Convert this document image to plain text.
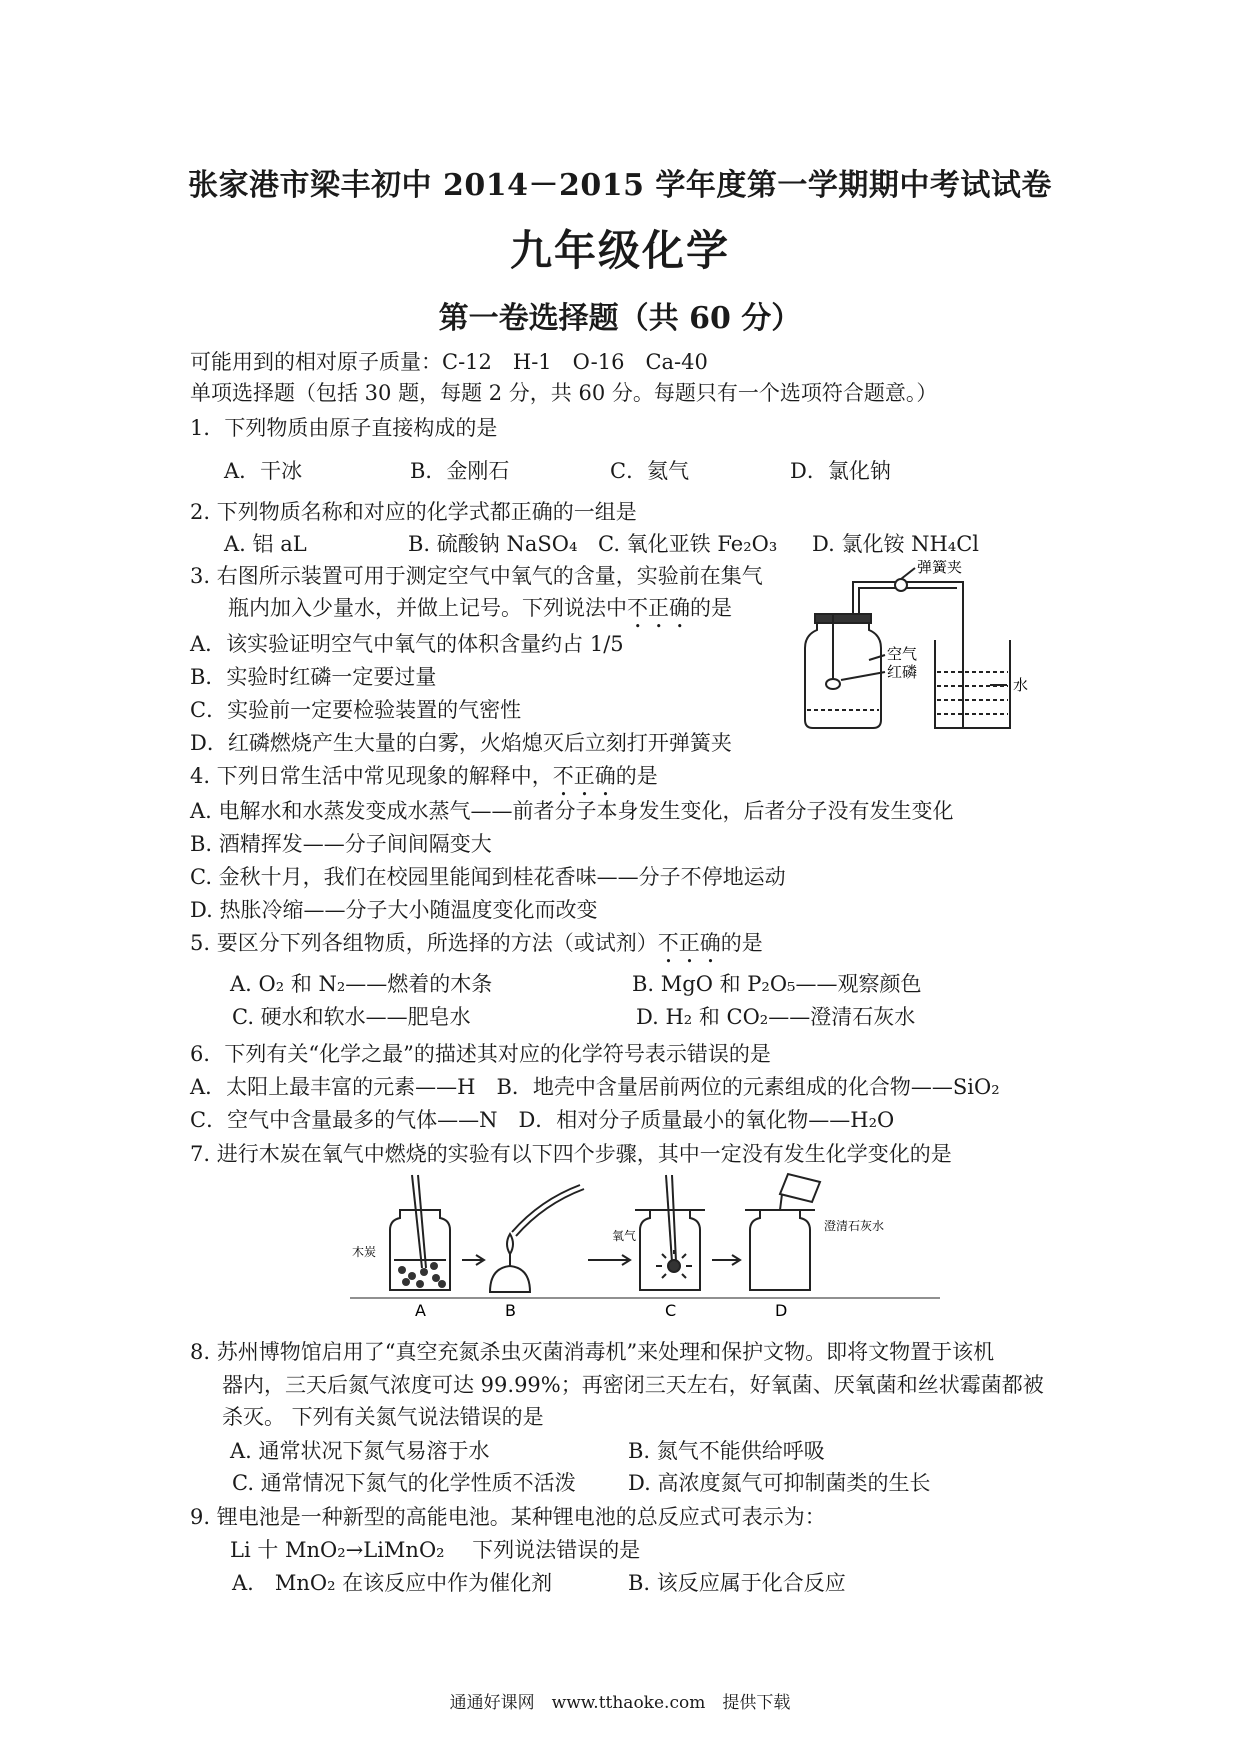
张家港市梁丰初中 2014－2015 学年度第一学期期中考试试卷
九年级化学
第一卷选择题（共 60 分）
可能用到的相对原子质量：C-12　H-1　O-16　Ca-40
单项选择题（包括 30 题，每题 2 分，共 60 分。每题只有一个选项符合题意。）
1．下列物质由原子直接构成的是
A．干冰	B．金刚石	C．氦气	D．氯化钠
2. 下列物质名称和对应的化学式都正确的一组是
A. 铝 aL	B. 硫酸钠 NaSO₄ C. 氧化亚铁 Fe₂O₃ D. 氯化铵 NH₄Cl
3. 右图所示装置可用于测定空气中氧气的含量，实验前在集气
瓶内加入少量水，并做上记号。下列说法中不正确的是
A．该实验证明空气中氧气的体积含量约占 1/5
B．实验时红磷一定要过量
C．实验前一定要检验装置的气密性
D．红磷燃烧产生大量的白雾，火焰熄灭后立刻打开弹簧夹
弹簧夹
空气
红磷
水
4. 下列日常生活中常见现象的解释中，不正确的是
A. 电解水和水蒸发变成水蒸气——前者分子本身发生变化，后者分子没有发生变化
B. 酒精挥发——分子间间隔变大
C. 金秋十月，我们在校园里能闻到桂花香味——分子不停地运动
D. 热胀冷缩——分子大小随温度变化而改变
5. 要区分下列各组物质，所选择的方法（或试剂）不正确的是
A. O₂ 和 N₂——燃着的木条	B. MgO 和 P₂O₅——观察颜色
C. 硬水和软水——肥皂水	D. H₂ 和 CO₂——澄清石灰水
6．下列有关“化学之最”的描述其对应的化学符号表示错误的是
A．太阳上最丰富的元素——H　B．地壳中含量居前两位的元素组成的化合物——SiO₂
C．空气中含量最多的气体——N　D．相对分子质量最小的氧化物——H₂O
7. 进行木炭在氧气中燃烧的实验有以下四个步骤，其中一定没有发生化学变化的是
木炭
氧气
澄清石灰水
A	B	C	D
8. 苏州博物馆启用了“真空充氮杀虫灭菌消毒机”来处理和保护文物。即将文物置于该机
器内，三天后氮气浓度可达 99.99%；再密闭三天左右，好氧菌、厌氧菌和丝状霉菌都被
杀灭。 下列有关氮气说法错误的是
A. 通常状况下氮气易溶于水	B. 氮气不能供给呼吸
C. 通常情况下氮气的化学性质不活泼 D. 高浓度氮气可抑制菌类的生长
9. 锂电池是一种新型的高能电池。某种锂电池的总反应式可表示为：
Li 十 MnO₂→LiMnO₂　 下列说法错误的是
A.　MnO₂ 在该反应中作为催化剂	B. 该反应属于化合反应
通通好课网　www.tthaoke.com　提供下载
